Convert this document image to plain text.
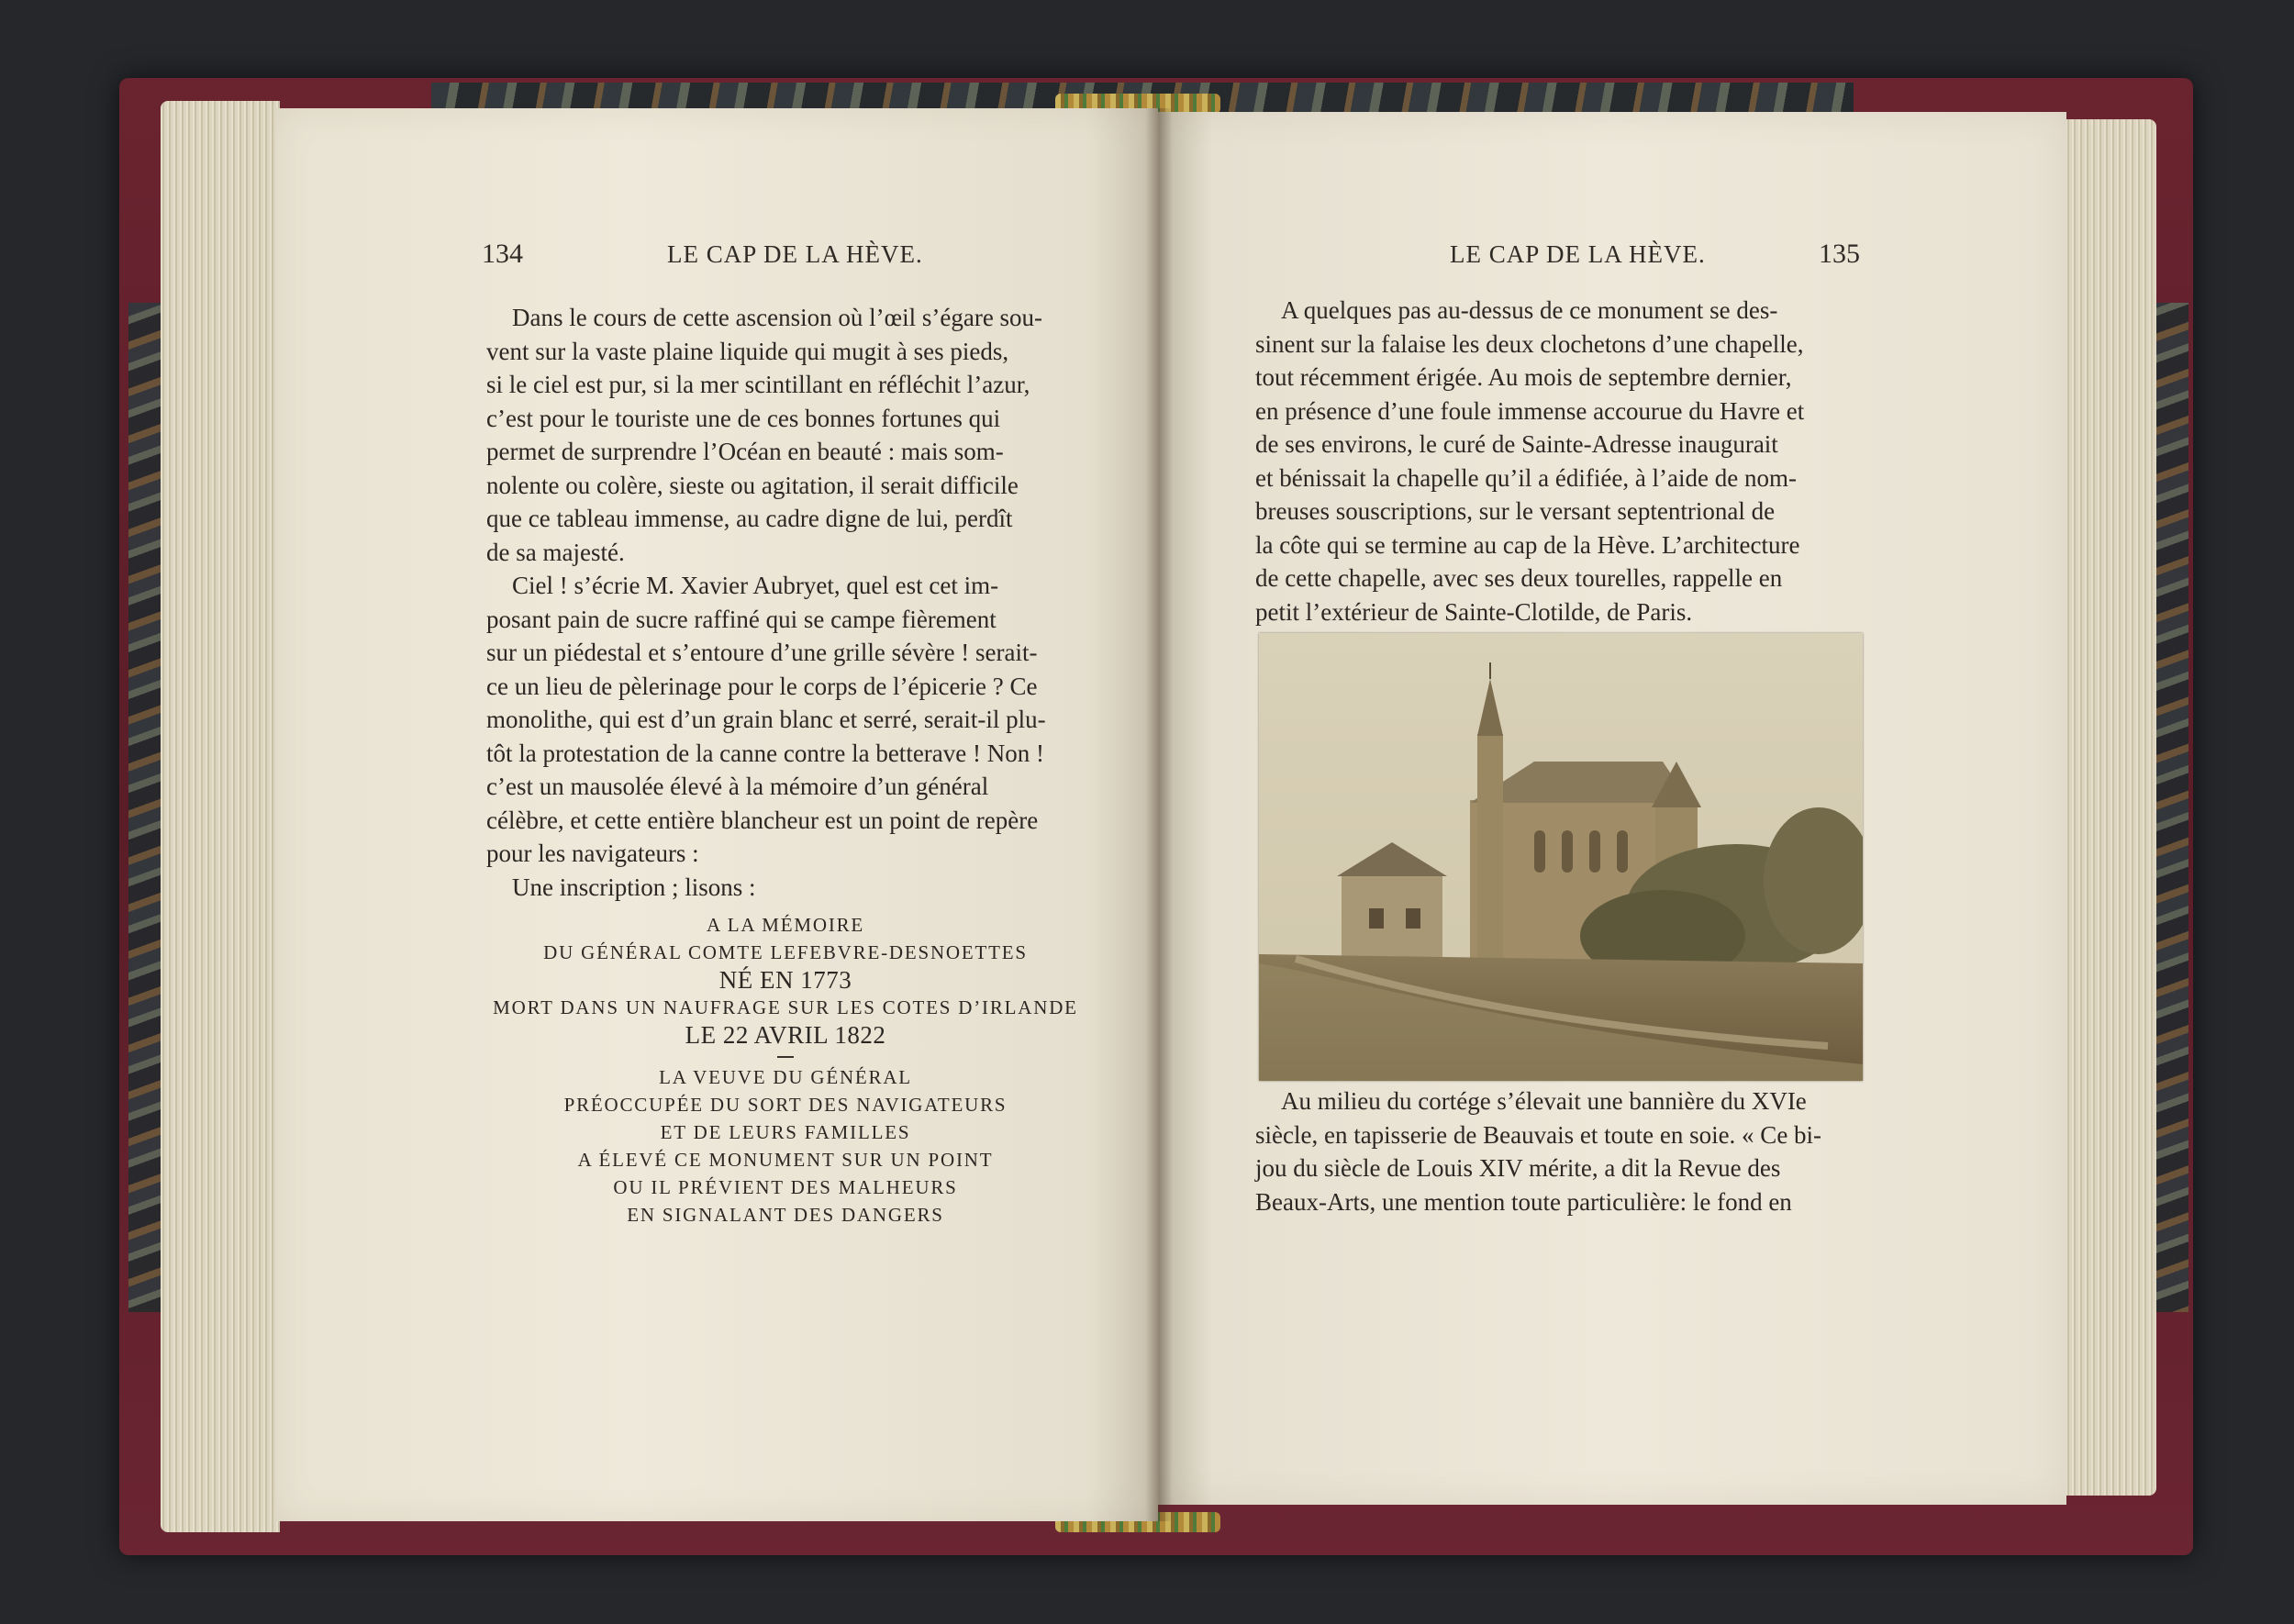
134	LE CAP DE LA HÈVE.	LE CAP DE LA HÈVE.	135

Dans le cours de cette ascension où l’œil s’égare sou-
vent sur la vaste plaine liquide qui mugit à ses pieds,
si le ciel est pur, si la mer scintillant en réfléchit l’azur,
c’est pour le touriste une de ces bonnes fortunes qui
permet de surprendre l’Océan en beauté : mais som-
nolente ou colère, sieste ou agitation, il serait difficile
que ce tableau immense, au cadre digne de lui, perdît
de sa majesté.

Ciel ! s’écrie M. Xavier Aubryet, quel est cet im-
posant pain de sucre raffiné qui se campe fièrement
sur un piédestal et s’entoure d’une grille sévère ! serait-
ce un lieu de pèlerinage pour le corps de l’épicerie ? Ce
monolithe, qui est d’un grain blanc et serré, serait-il plu-
tôt la protestation de la canne contre la betterave ! Non !
c’est un mausolée élevé à la mémoire d’un général
célèbre, et cette entière blancheur est un point de repère
pour les navigateurs :

Une inscription ; lisons :

A LA MÉMOIRE
DU GÉNÉRAL COMTE LEFEBVRE-DESNOETTES
NÉ EN 1773
MORT DANS UN NAUFRAGE SUR LES COTES D’IRLANDE
LE 22 AVRIL 1822
LA VEUVE DU GÉNÉRAL
PRÉOCCUPÉE DU SORT DES NAVIGATEURS
ET DE LEURS FAMILLES
A ÉLEVÉ CE MONUMENT SUR UN POINT
OU IL PRÉVIENT DES MALHEURS
EN SIGNALANT DES DANGERS

A quelques pas au-dessus de ce monument se des-
sinent sur la falaise les deux clochetons d’une chapelle,
tout récemment érigée. Au mois de septembre dernier,
en présence d’une foule immense accourue du Havre et
de ses environs, le curé de Sainte-Adresse inaugurait
et bénissait la chapelle qu’il a édifiée, à l’aide de nom-
breuses souscriptions, sur le versant septentrional de
la côte qui se termine au cap de la Hève. L’architecture
de cette chapelle, avec ses deux tourelles, rappelle en
petit l’extérieur de Sainte-Clotilde, de Paris.

Au milieu du cortége s’élevait une bannière du XVIe
siècle, en tapisserie de Beauvais et toute en soie. « Ce bi-
jou du siècle de Louis XIV mérite, a dit la Revue des
Beaux-Arts, une mention toute particulière: le fond en
